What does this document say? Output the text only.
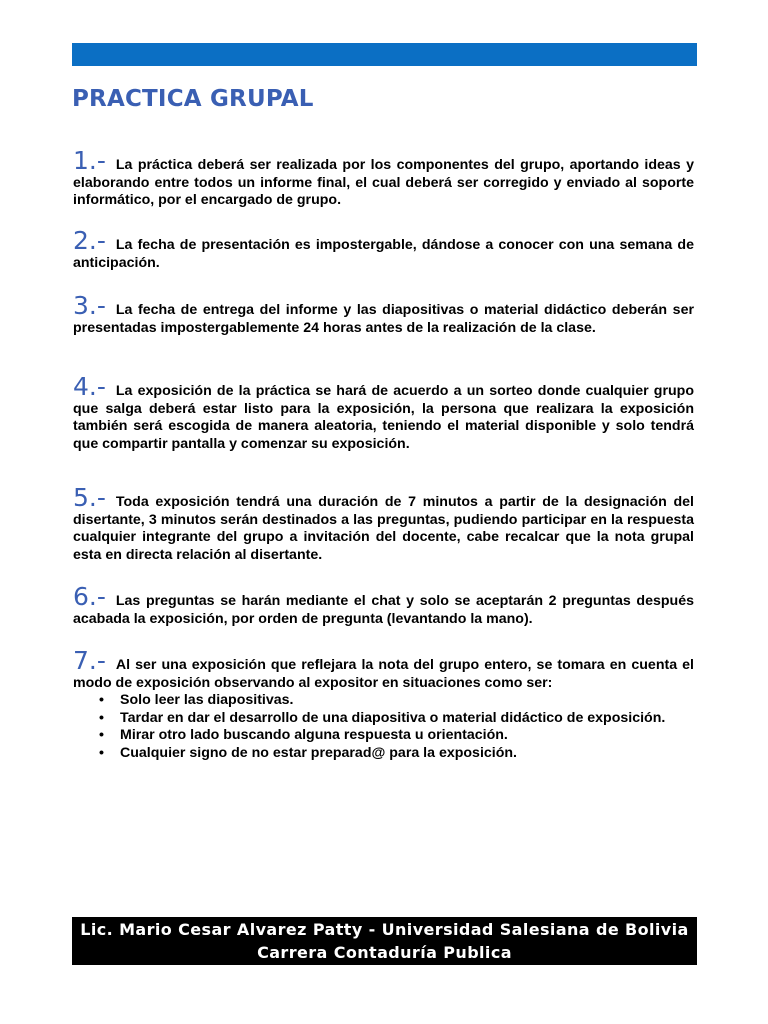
PRACTICA GRUPAL

1.- La práctica deberá ser realizada por los componentes del grupo, aportando ideas y elaborando entre todos un informe final, el cual deberá ser corregido y enviado al soporte informático, por el encargado de grupo.

2.- La fecha de presentación es impostergable, dándose a conocer con una semana de anticipación.

3.- La fecha de entrega del informe y las diapositivas o material didáctico deberán ser presentadas impostergablemente 24 horas antes de la realización de la clase.

4.- La exposición de la práctica se hará de acuerdo a un sorteo donde cualquier grupo que salga deberá estar listo para la exposición, la persona que realizara la exposición también será escogida de manera aleatoria, teniendo el material disponible y solo tendrá que compartir pantalla y comenzar su exposición.

5.- Toda exposición tendrá una duración de 7 minutos a partir de la designación del disertante, 3 minutos serán destinados a las preguntas, pudiendo participar en la respuesta cualquier integrante del grupo a invitación del docente, cabe recalcar que la nota grupal esta en directa relación al disertante.

6.- Las preguntas se harán mediante el chat y solo se aceptarán 2 preguntas después acabada la exposición, por orden de pregunta (levantando la mano).

7.- Al ser una exposición que reflejara la nota del grupo entero, se tomara en cuenta el modo de exposición observando al expositor en situaciones como ser:

• Solo leer las diapositivas.
• Tardar en dar el desarrollo de una diapositiva o material didáctico de exposición.
• Mirar otro lado buscando alguna respuesta u orientación.
• Cualquier signo de no estar preparad@ para la exposición.
Lic. Mario Cesar Alvarez Patty - Universidad Salesiana de Bolivia
Carrera Contaduría Publica
